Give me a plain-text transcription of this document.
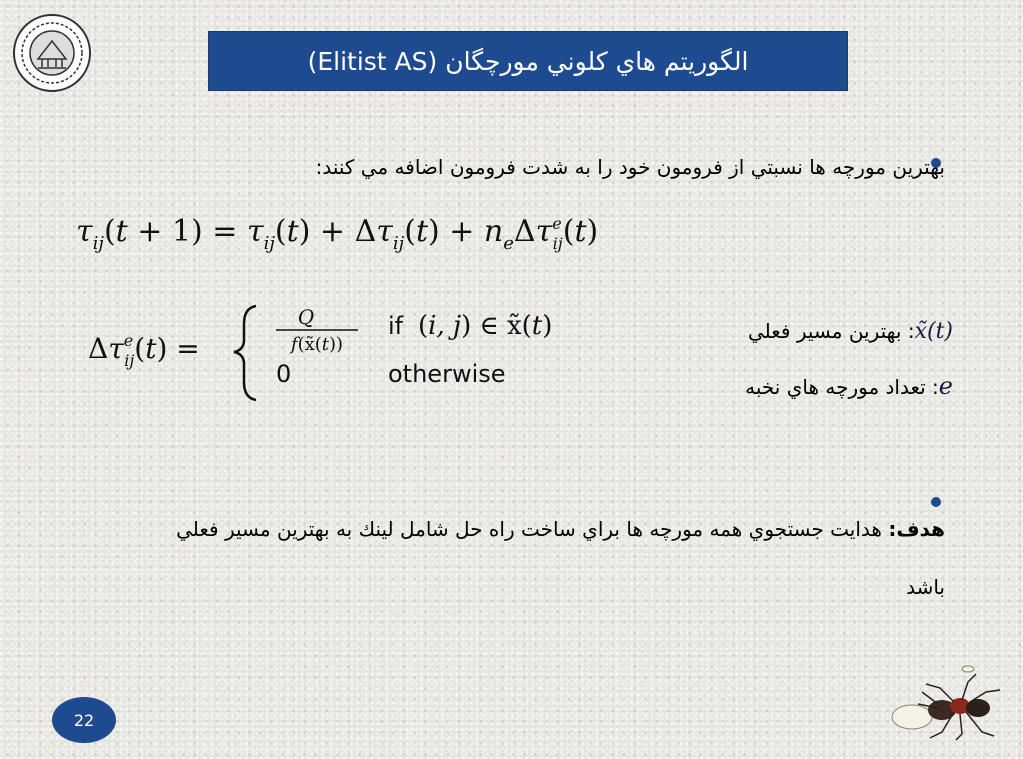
الگوريتم هاي كلوني مورچگان (Elitist AS)
بهترين مورچه ها نسبتي از فرومون خود را به شدت فرومون اضافه مي كنند:
$\tau_{ij}(t + 1) = \tau_{ij}(t) + \Delta\tau_{ij}(t) + n_e\Delta\tau^e$ ij(t)
$\Delta\tau^e$ ij(t) =
Q
f(x̃(t))
if (i, j) ∈ x̃(t)
0	otherwise
x̃(t): بهترين مسير فعلي
e: تعداد مورچه هاي نخبه
هدف: هدايت جستجوي همه مورچه ها براي ساخت راه حل شامل لينك به بهترين مسير فعلي باشد
22
